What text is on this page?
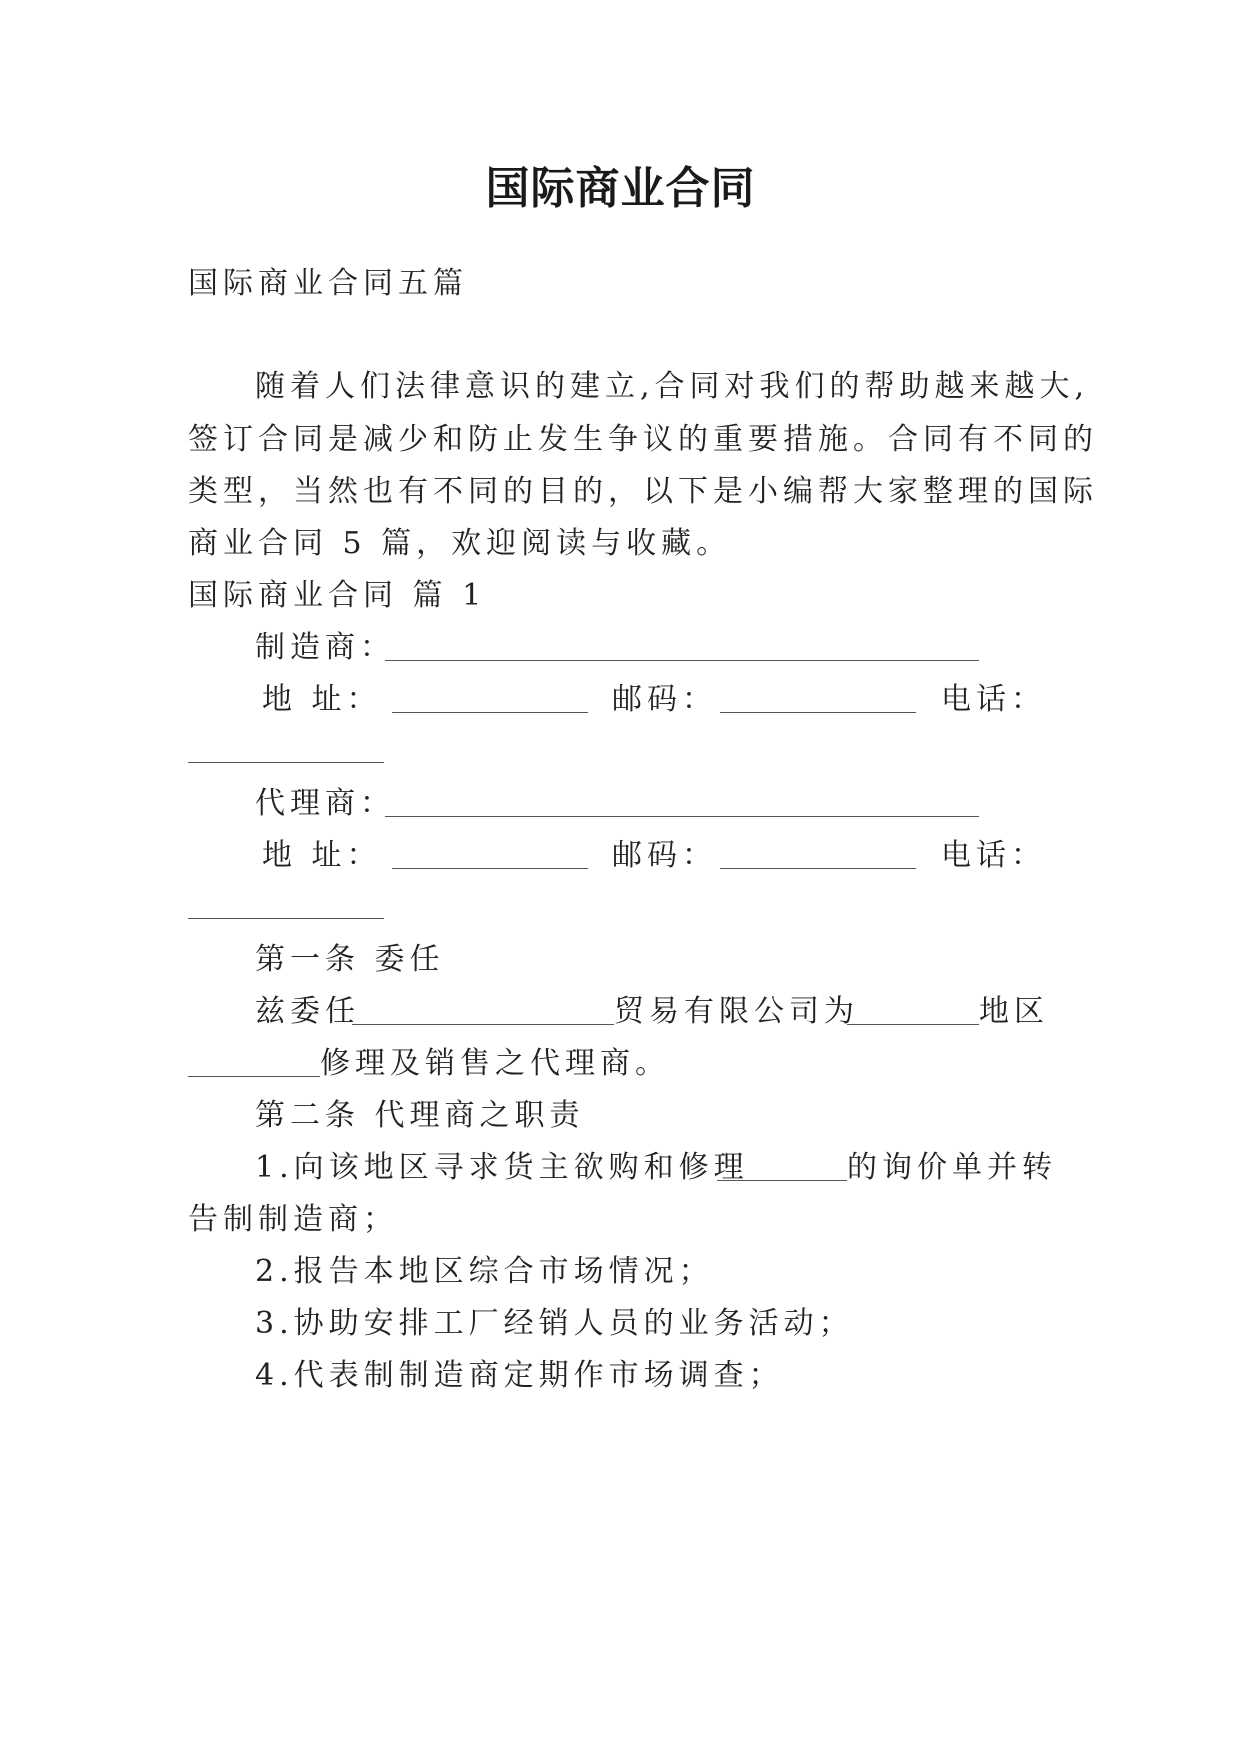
国际商业合同
国际商业合同五篇
随着人们法律意识的建立,合同对我们的帮助越来越大,
签订合同是减少和防止发生争议的重要措施。合同有不同的
类型，当然也有不同的目的，以下是小编帮大家整理的国际
商业合同 5 篇，欢迎阅读与收藏。
国际商业合同 篇 1
制造商：
地 址：	邮码：	电话：
代理商：
地 址：	邮码：	电话：
第一条 委任
兹委任	贸易有限公司为	地区
修理及销售之代理商。
第二条 代理商之职责
1.向该地区寻求货主欲购和修理	的询价单并转
告制制造商；
2.报告本地区综合市场情况；
3.协助安排工厂经销人员的业务活动；
4.代表制制造商定期作市场调查；
